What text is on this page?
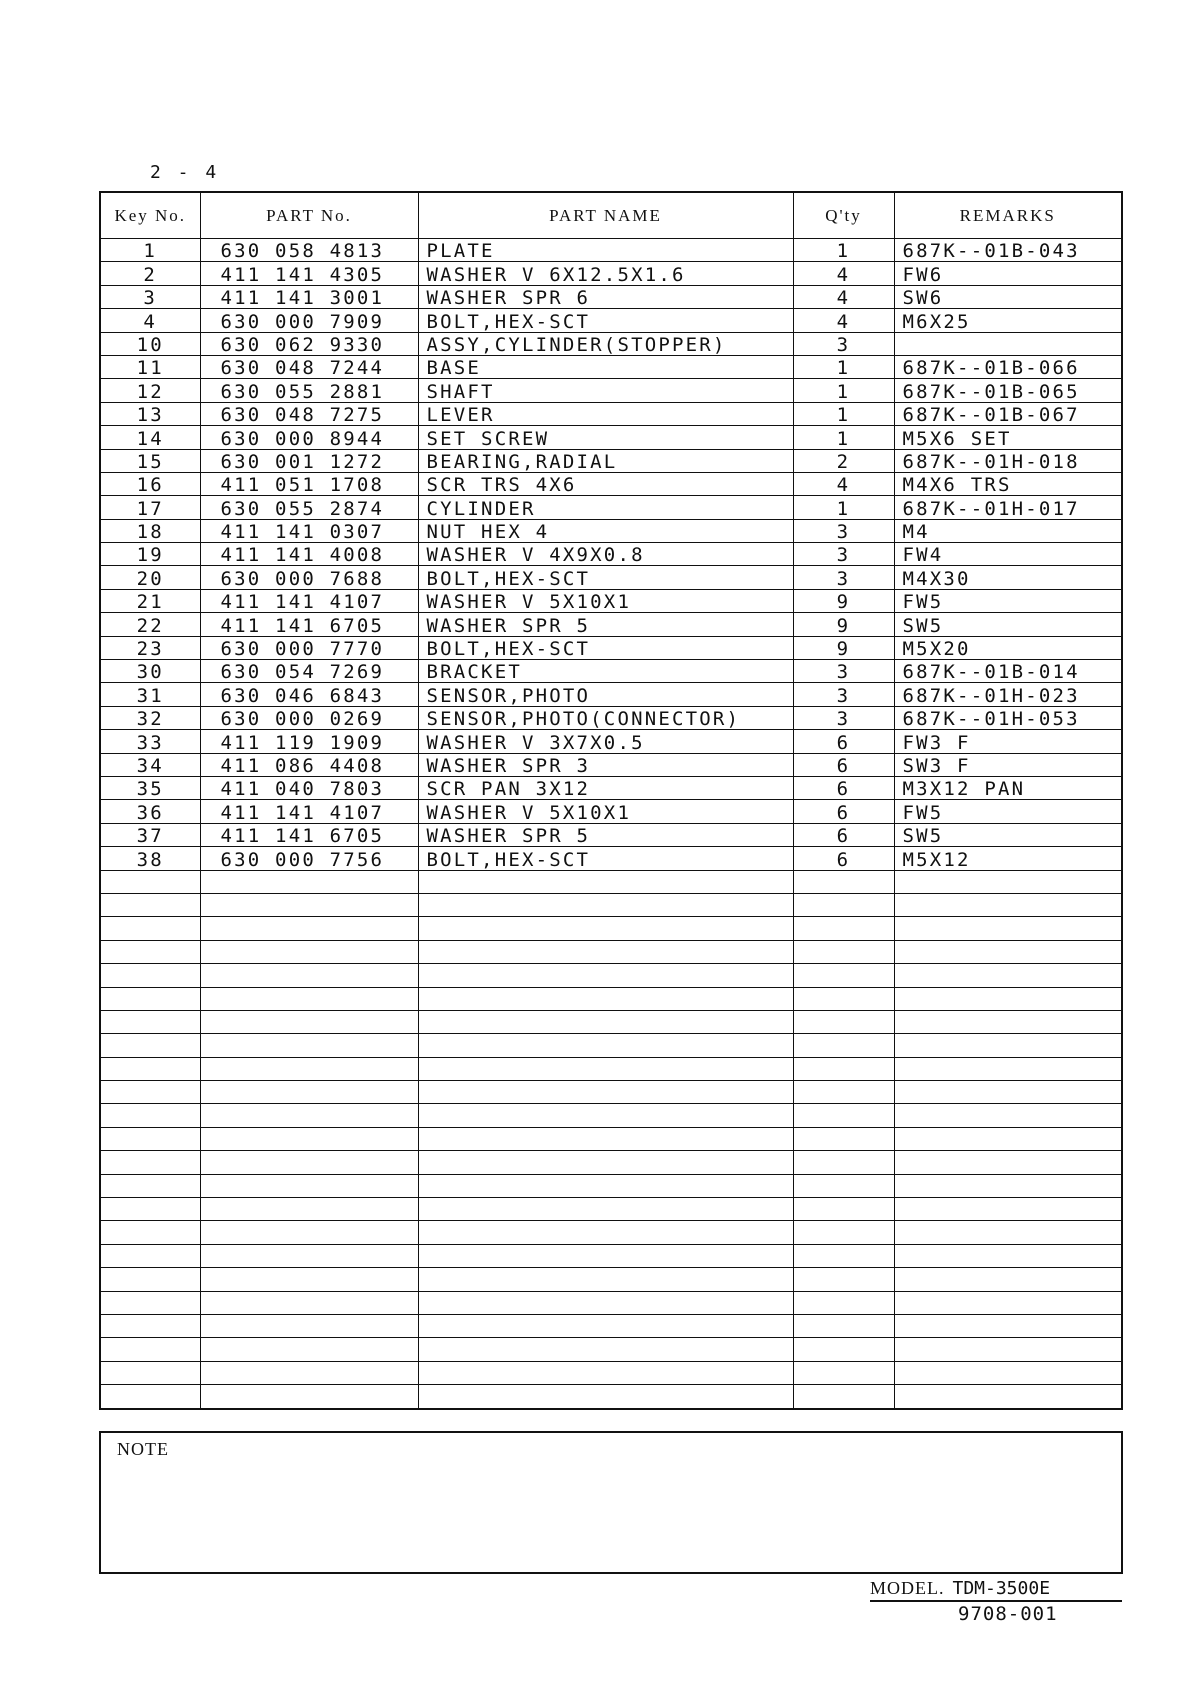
2 - 4
Key No.	PART No.	PART NAME	Q'ty	REMARKS
1	630 058 4813	PLATE	1	687K--01B-043
2	411 141 4305	WASHER V 6X12.5X1.6	4	FW6
3	411 141 3001	WASHER SPR 6	4	SW6
4	630 000 7909	BOLT,HEX-SCT	4	M6X25
10	630 062 9330	ASSY,CYLINDER(STOPPER)	3	
11	630 048 7244	BASE	1	687K--01B-066
12	630 055 2881	SHAFT	1	687K--01B-065
13	630 048 7275	LEVER	1	687K--01B-067
14	630 000 8944	SET SCREW	1	M5X6 SET
15	630 001 1272	BEARING,RADIAL	2	687K--01H-018
16	411 051 1708	SCR TRS 4X6	4	M4X6 TRS
17	630 055 2874	CYLINDER	1	687K--01H-017
18	411 141 0307	NUT HEX 4	3	M4
19	411 141 4008	WASHER V 4X9X0.8	3	FW4
20	630 000 7688	BOLT,HEX-SCT	3	M4X30
21	411 141 4107	WASHER V 5X10X1	9	FW5
22	411 141 6705	WASHER SPR 5	9	SW5
23	630 000 7770	BOLT,HEX-SCT	9	M5X20
30	630 054 7269	BRACKET	3	687K--01B-014
31	630 046 6843	SENSOR,PHOTO	3	687K--01H-023
32	630 000 0269	SENSOR,PHOTO(CONNECTOR)	3	687K--01H-053
33	411 119 1909	WASHER V 3X7X0.5	6	FW3 F
34	411 086 4408	WASHER SPR 3	6	SW3 F
35	411 040 7803	SCR PAN 3X12	6	M3X12 PAN
36	411 141 4107	WASHER V 5X10X1	6	FW5
37	411 141 6705	WASHER SPR 5	6	SW5
38	630 000 7756	BOLT,HEX-SCT	6	M5X12

NOTE
MODEL. TDM-3500E
9708-001
